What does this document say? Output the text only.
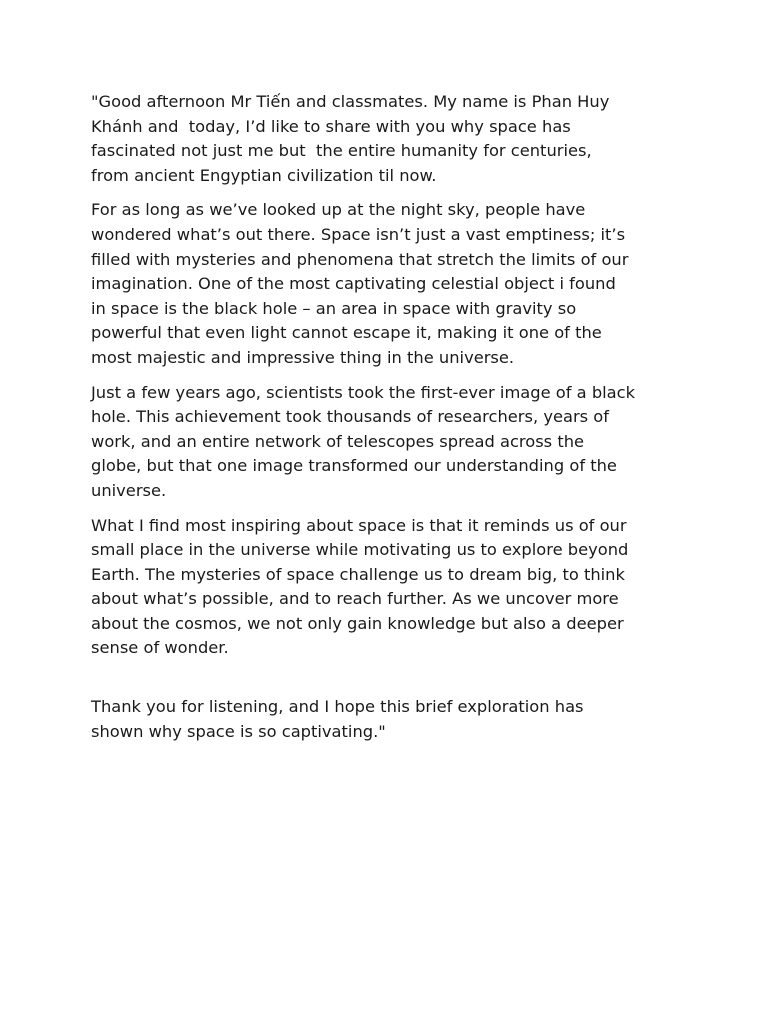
"Good afternoon Mr Tiến and classmates. My name is Phan Huy
Khánh and  today, I’d like to share with you why space has
fascinated not just me but  the entire humanity for centuries,
from ancient Engyptian civilization til now.

For as long as we’ve looked up at the night sky, people have
wondered what’s out there. Space isn’t just a vast emptiness; it’s
filled with mysteries and phenomena that stretch the limits of our
imagination. One of the most captivating celestial object i found
in space is the black hole – an area in space with gravity so
powerful that even light cannot escape it, making it one of the
most majestic and impressive thing in the universe.

Just a few years ago, scientists took the first-ever image of a black
hole. This achievement took thousands of researchers, years of
work, and an entire network of telescopes spread across the
globe, but that one image transformed our understanding of the
universe.

What I find most inspiring about space is that it reminds us of our
small place in the universe while motivating us to explore beyond
Earth. The mysteries of space challenge us to dream big, to think
about what’s possible, and to reach further. As we uncover more
about the cosmos, we not only gain knowledge but also a deeper
sense of wonder.

Thank you for listening, and I hope this brief exploration has
shown why space is so captivating."
